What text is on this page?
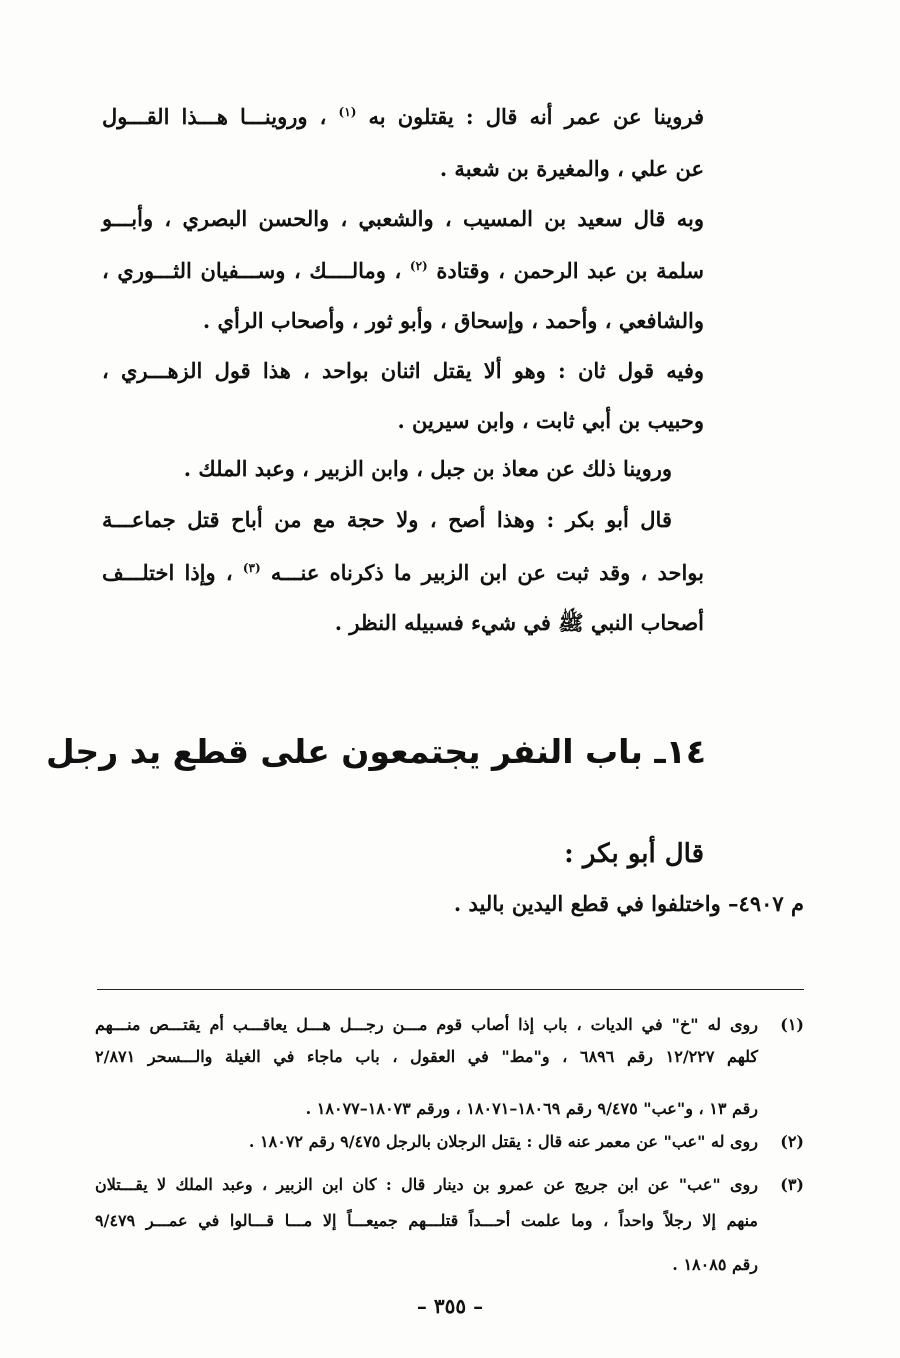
فروينا عن عمر أنه قال : يقتلون به $^{(١)}$ ، وروينـــا هـــذا القـــول
عن علي ، والمغيرة بن شعبة .
وبه قال سعيد بن المسيب ، والشعبي ، والحسن البصري ، وأبـــو
سلمة بن عبد الرحمن ، وقتادة $^{(٢)}$ ، ومالــــك ، وســـفيان الثـــوري ،
والشافعي ، وأحمد ، وإسحاق ، وأبو ثور ، وأصحاب الرأي .
وفيه قول ثان : وهو ألا يقتل اثنان بواحد ، هذا قول الزهـــري ،
وحبيب بن أبي ثابت ، وابن سيرين .
وروينا ذلك عن معاذ بن جبل ، وابن الزبير ، وعبد الملك .
قال أبو بكر : وهذا أصح ، ولا حجة مع من أباح قتل جماعـــة
بواحد ، وقد ثبت عن ابن الزبير ما ذكرناه عنـــه $^{(٣)}$ ، وإذا اختلـــف
أصحاب النبي ﷺ في شيء فسبيله النظر .
١٤ـ باب النفر يجتمعون على قطع يد رجل
قال أبو بكر :
م ٤٩٠٧– واختلفوا في قطع اليدين باليد .
(١)
روى له "خ" في الديات ، باب إذا أصاب قوم مـــن رجـــل هـــل يعاقـــب أم يقتـــص منـــهم
كلهم ١٢/٢٢٧ رقم ٦٨٩٦ ، و"مط" في العقول ، باب ماجاء في الغيلة والـــسحر ٢/٨٧١
رقم ١٣ ، و"عب" ٩/٤٧٥ رقم ١٨٠٦٩–١٨٠٧١ ، ورقم ١٨٠٧٣–١٨٠٧٧ .
(٢)
روى له "عب" عن معمر عنه قال : يقتل الرجلان بالرجل ٩/٤٧٥ رقم ١٨٠٧٢ .
(٣)
روى "عب" عن ابن جريج عن عمرو بن دينار قال : كان ابن الزبير ، وعبد الملك لا يقـــتلان
منهم إلا رجلاً واحداً ، وما علمت أحـــداً قتلـــهم جميعـــاً إلا مـــا قـــالوا في عمـــر ٩/٤٧٩
رقم ١٨٠٨٥ .
– ٣٥٥ –
